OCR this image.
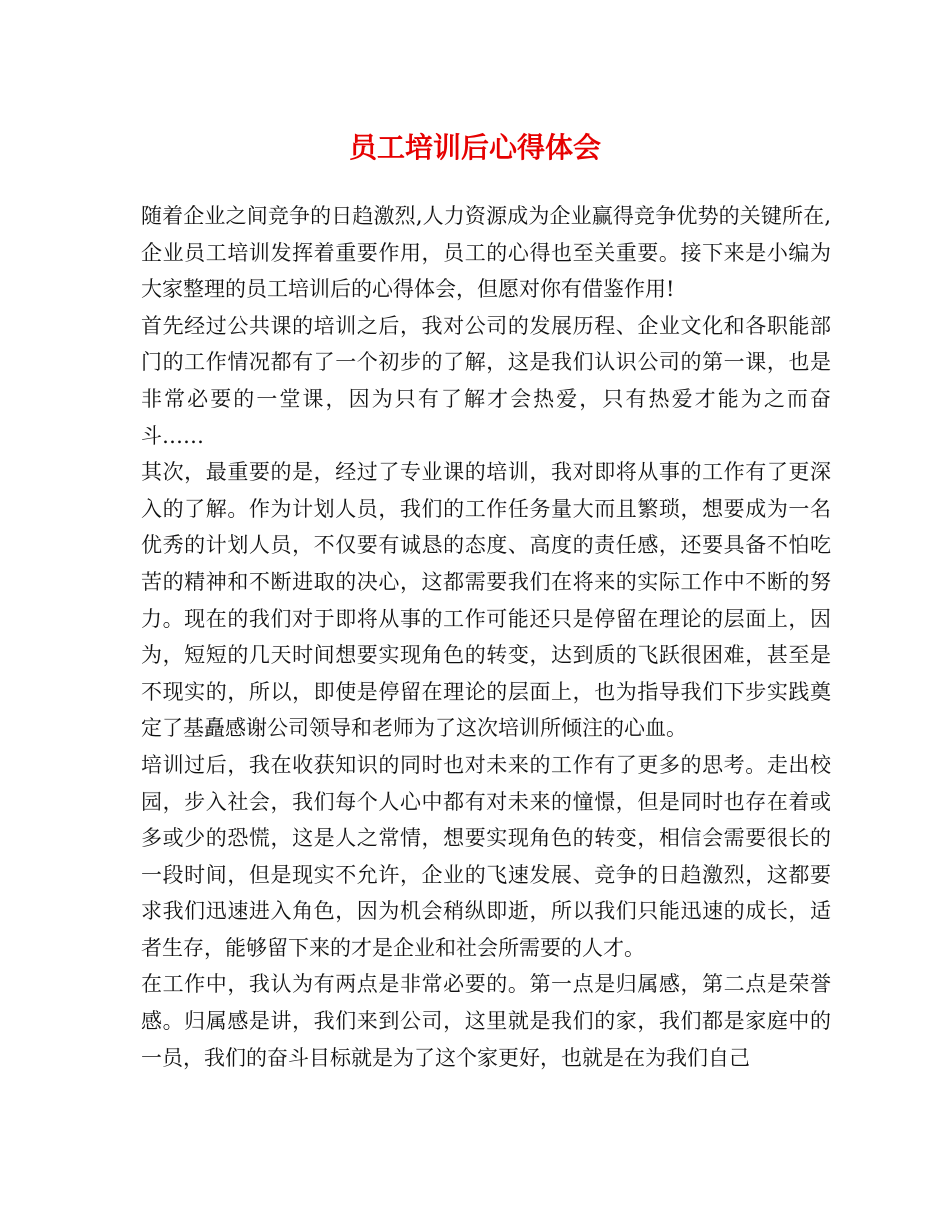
员工培训后心得体会

随着企业之间竞争的日趋激烈,人力资源成为企业赢得竞争优势的关键所在,企业员工培训发挥着重要作用，员工的心得也至关重要。接下来是小编为大家整理的员工培训后的心得体会，但愿对你有借鉴作用!

首先经过公共课的培训之后，我对公司的发展历程、企业文化和各职能部门的工作情况都有了一个初步的了解，这是我们认识公司的第一课，也是非常必要的一堂课，因为只有了解才会热爱，只有热爱才能为之而奋斗……

其次，最重要的是，经过了专业课的培训，我对即将从事的工作有了更深入的了解。作为计划人员，我们的工作任务量大而且繁琐，想要成为一名优秀的计划人员，不仅要有诚恳的态度、高度的责任感，还要具备不怕吃苦的精神和不断进取的决心，这都需要我们在将来的实际工作中不断的努力。现在的我们对于即将从事的工作可能还只是停留在理论的层面上，因为，短短的几天时间想要实现角色的转变，达到质的飞跃很困难，甚至是不现实的，所以，即使是停留在理论的层面上，也为指导我们下步实践奠定了基矗感谢公司领导和老师为了这次培训所倾注的心血。

培训过后，我在收获知识的同时也对未来的工作有了更多的思考。走出校园，步入社会，我们每个人心中都有对未来的憧憬，但是同时也存在着或多或少的恐慌，这是人之常情，想要实现角色的转变，相信会需要很长的一段时间，但是现实不允许，企业的飞速发展、竞争的日趋激烈，这都要求我们迅速进入角色，因为机会稍纵即逝，所以我们只能迅速的成长，适者生存，能够留下来的才是企业和社会所需要的人才。

在工作中，我认为有两点是非常必要的。第一点是归属感，第二点是荣誉感。归属感是讲，我们来到公司，这里就是我们的家，我们都是家庭中的一员，我们的奋斗目标就是为了这个家更好，也就是在为我们自己
